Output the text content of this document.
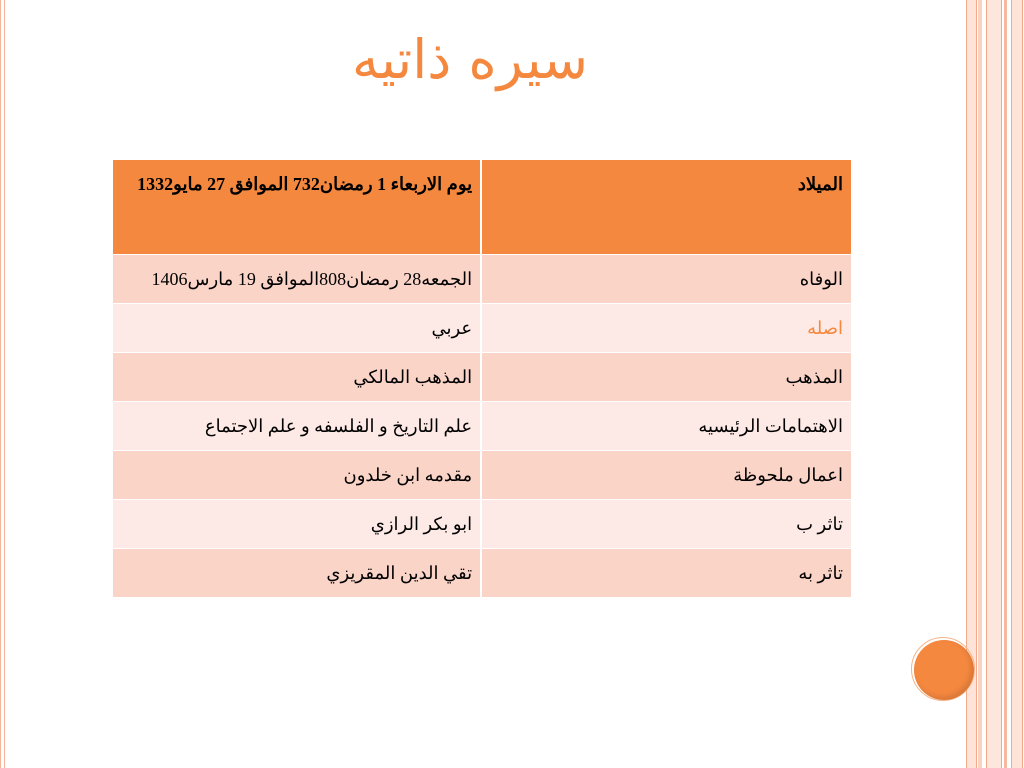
سيره ذاتيه
الميلاد	يوم الاربعاء 1 رمضان732 الموافق 27 مايو1332
الوفاه	الجمعه28 رمضان808الموافق 19 مارس1406
اصله	عربي
المذهب	المذهب المالكي
الاهتمامات الرئيسيه	علم التاريخ و الفلسفه و علم الاجتماع
اعمال ملحوظة	مقدمه ابن خلدون
تاثر ب	ابو بكر الرازي
تاثر به	تقي الدين المقريزي
